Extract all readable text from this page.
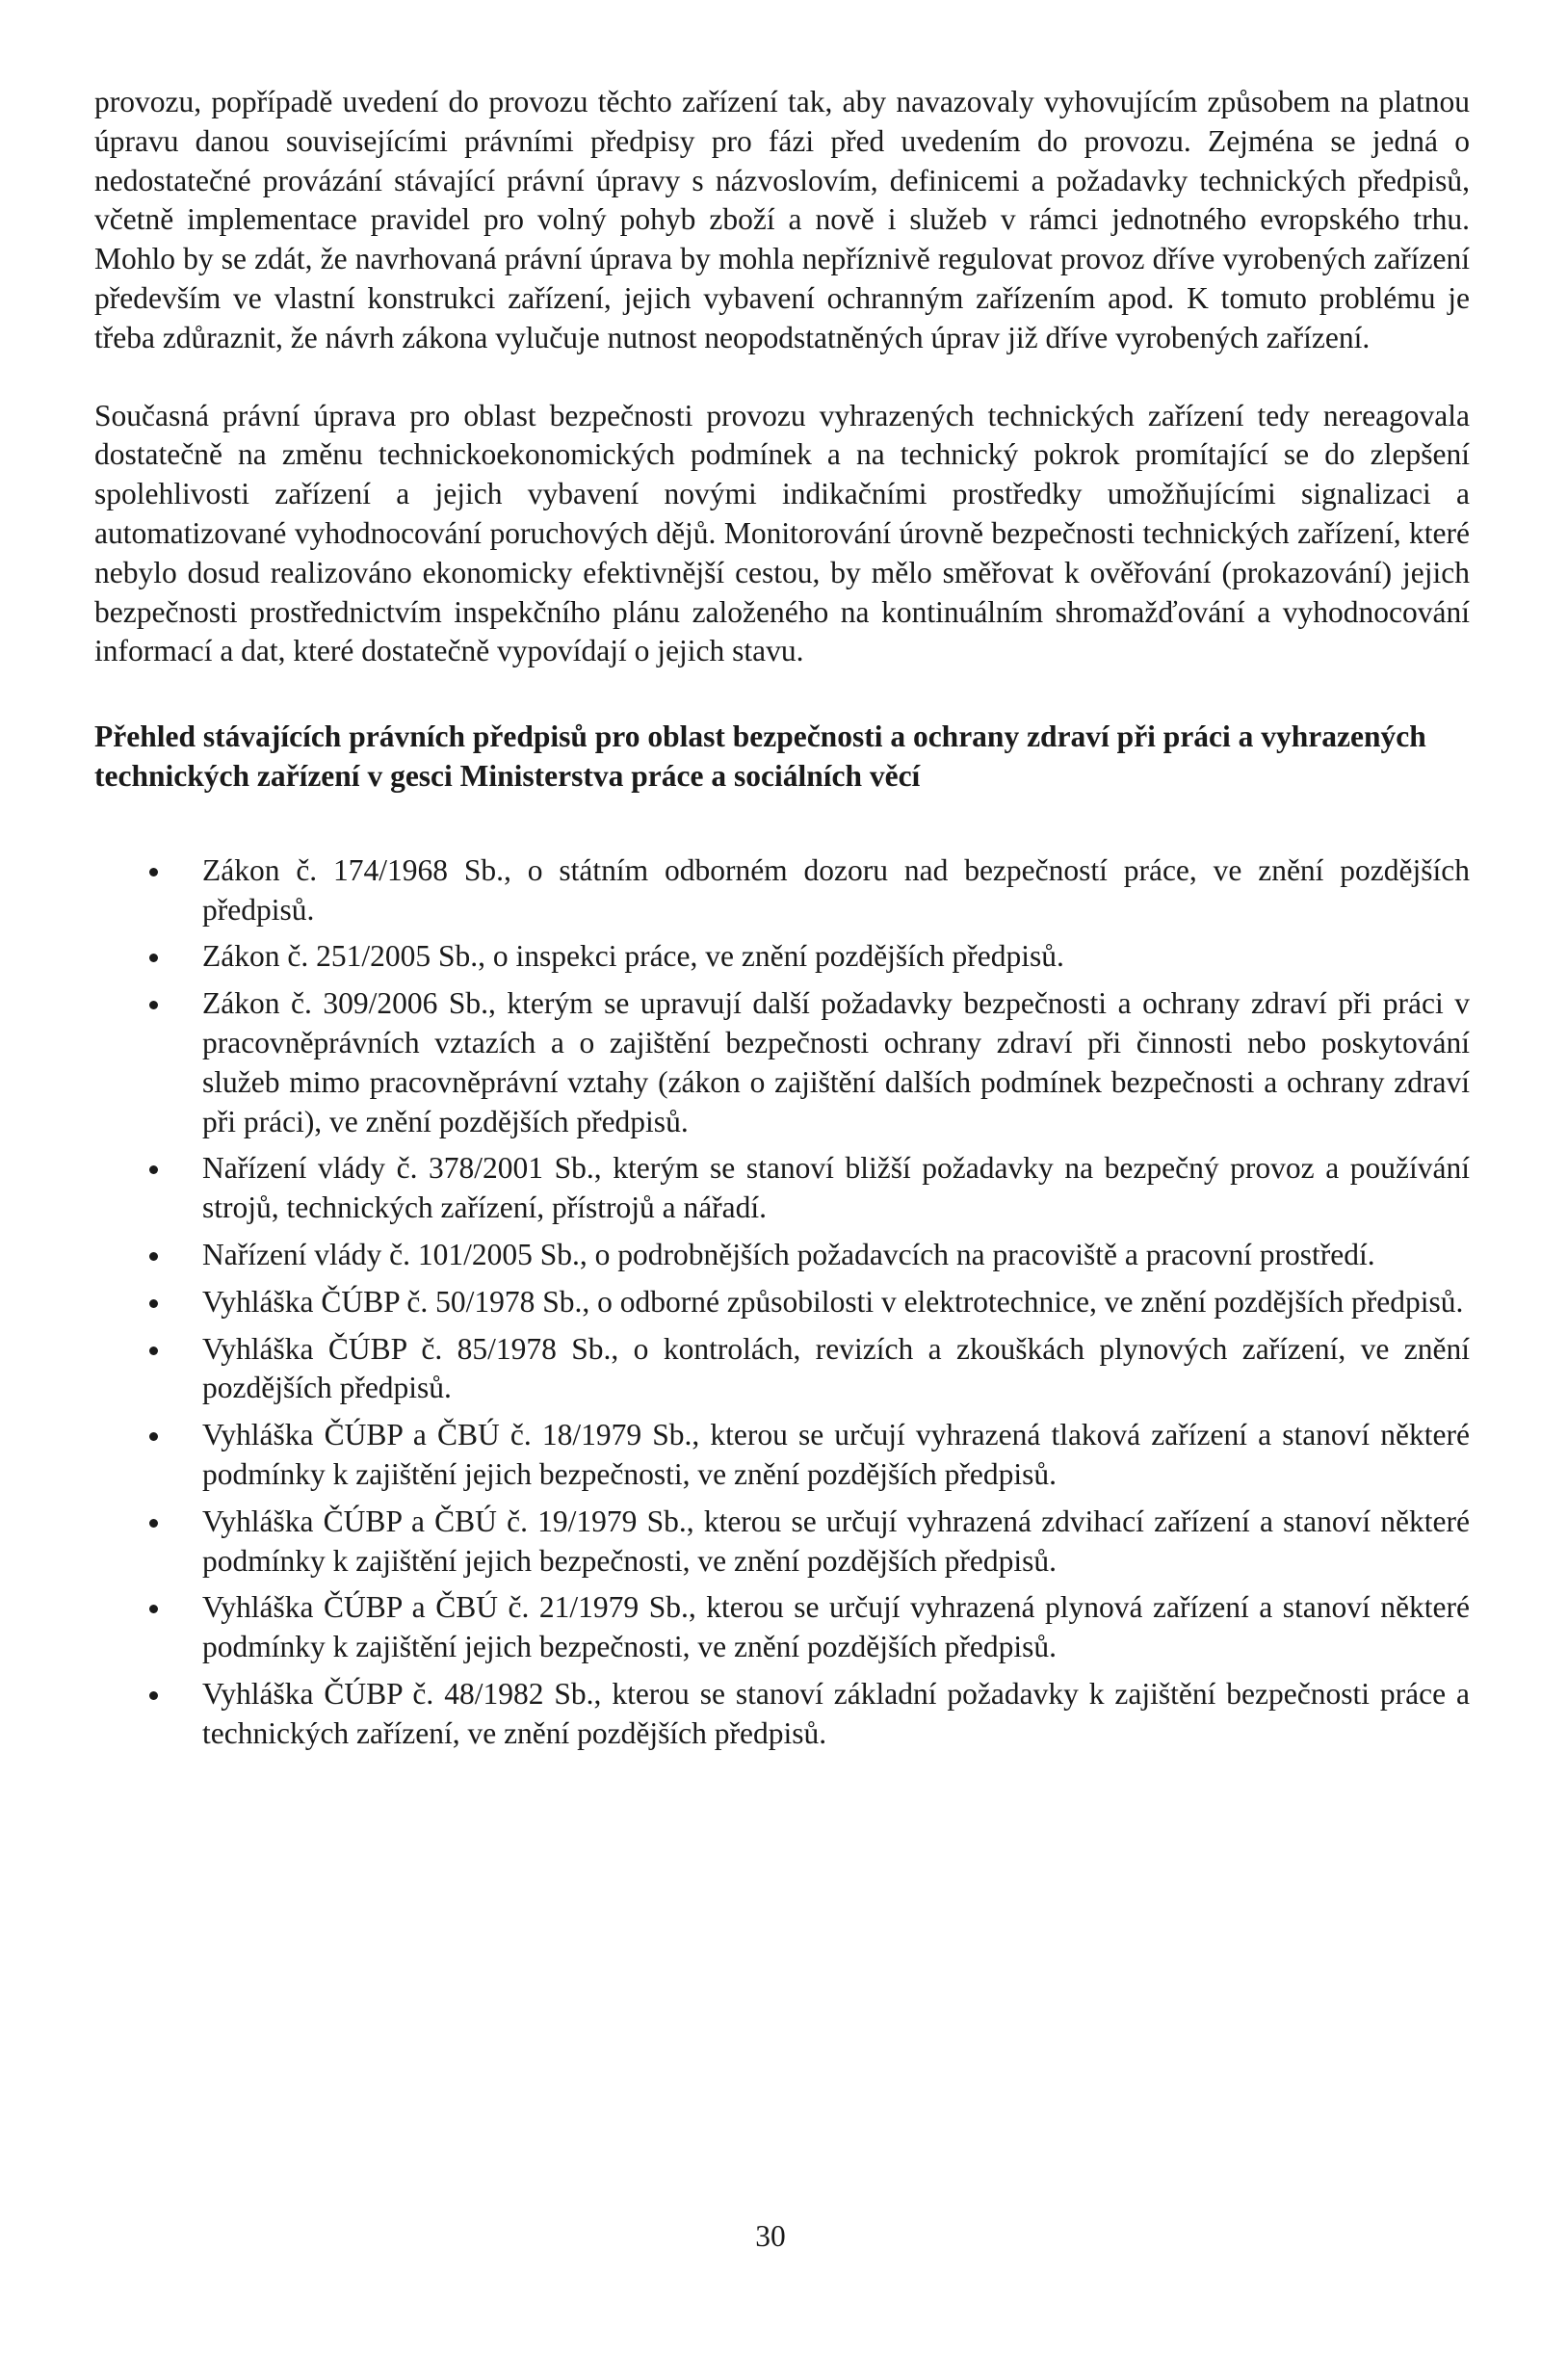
provozu, popřípadě uvedení do provozu těchto zařízení tak, aby navazovaly vyhovujícím způsobem na platnou úpravu danou souvisejícími právními předpisy pro fázi před uvedením do provozu. Zejména se jedná o nedostatečné provázání stávající právní úpravy s názvoslovím, definicemi a požadavky technických předpisů, včetně implementace pravidel pro volný pohyb zboží a nově i služeb v rámci jednotného evropského trhu. Mohlo by se zdát, že navrhovaná právní úprava by mohla nepříznivě regulovat provoz dříve vyrobených zařízení především ve vlastní konstrukci zařízení, jejich vybavení ochranným zařízením apod. K tomuto problému je třeba zdůraznit, že návrh zákona vylučuje nutnost neopodstatněných úprav již dříve vyrobených zařízení.

Současná právní úprava pro oblast bezpečnosti provozu vyhrazených technických zařízení tedy nereagovala dostatečně na změnu technickoekonomických podmínek a na technický pokrok promítající se do zlepšení spolehlivosti zařízení a jejich vybavení novými indikačními prostředky umožňujícími signalizaci a automatizované vyhodnocování poruchových dějů. Monitorování úrovně bezpečnosti technických zařízení, které nebylo dosud realizováno ekonomicky efektivnější cestou, by mělo směřovat k ověřování (prokazování) jejich bezpečnosti prostřednictvím inspekčního plánu založeného na kontinuálním shromažďování a vyhodnocování informací a dat, které dostatečně vypovídají o jejich stavu.

Přehled stávajících právních předpisů pro oblast bezpečnosti a ochrany zdraví při práci a vyhrazených technických zařízení v gesci Ministerstva práce a sociálních věcí
Zákon č. 174/1968 Sb., o státním odborném dozoru nad bezpečností práce, ve znění pozdějších předpisů.
Zákon č. 251/2005 Sb., o inspekci práce, ve znění pozdějších předpisů.
Zákon č. 309/2006 Sb., kterým se upravují další požadavky bezpečnosti a ochrany zdraví při práci v pracovněprávních vztazích a o zajištění bezpečnosti ochrany zdraví při činnosti nebo poskytování služeb mimo pracovněprávní vztahy (zákon o zajištění dalších podmínek bezpečnosti a ochrany zdraví při práci), ve znění pozdějších předpisů.
Nařízení vlády č. 378/2001 Sb., kterým se stanoví bližší požadavky na bezpečný provoz a používání strojů, technických zařízení, přístrojů a nářadí.
Nařízení vlády č. 101/2005 Sb., o podrobnějších požadavcích na pracoviště a pracovní prostředí.
Vyhláška ČÚBP č. 50/1978 Sb., o odborné způsobilosti v elektrotechnice, ve znění pozdějších předpisů.
Vyhláška ČÚBP č. 85/1978 Sb., o kontrolách, revizích a zkouškách plynových zařízení, ve znění pozdějších předpisů.
Vyhláška ČÚBP a ČBÚ č. 18/1979 Sb., kterou se určují vyhrazená tlaková zařízení a stanoví některé podmínky k zajištění jejich bezpečnosti, ve znění pozdějších předpisů.
Vyhláška ČÚBP a ČBÚ č. 19/1979 Sb., kterou se určují vyhrazená zdvihací zařízení a stanoví některé podmínky k zajištění jejich bezpečnosti, ve znění pozdějších předpisů.
Vyhláška ČÚBP a ČBÚ č. 21/1979 Sb., kterou se určují vyhrazená plynová zařízení a stanoví některé podmínky k zajištění jejich bezpečnosti, ve znění pozdějších předpisů.
Vyhláška ČÚBP č. 48/1982 Sb., kterou se stanoví základní požadavky k zajištění bezpečnosti práce a technických zařízení, ve znění pozdějších předpisů.
30
